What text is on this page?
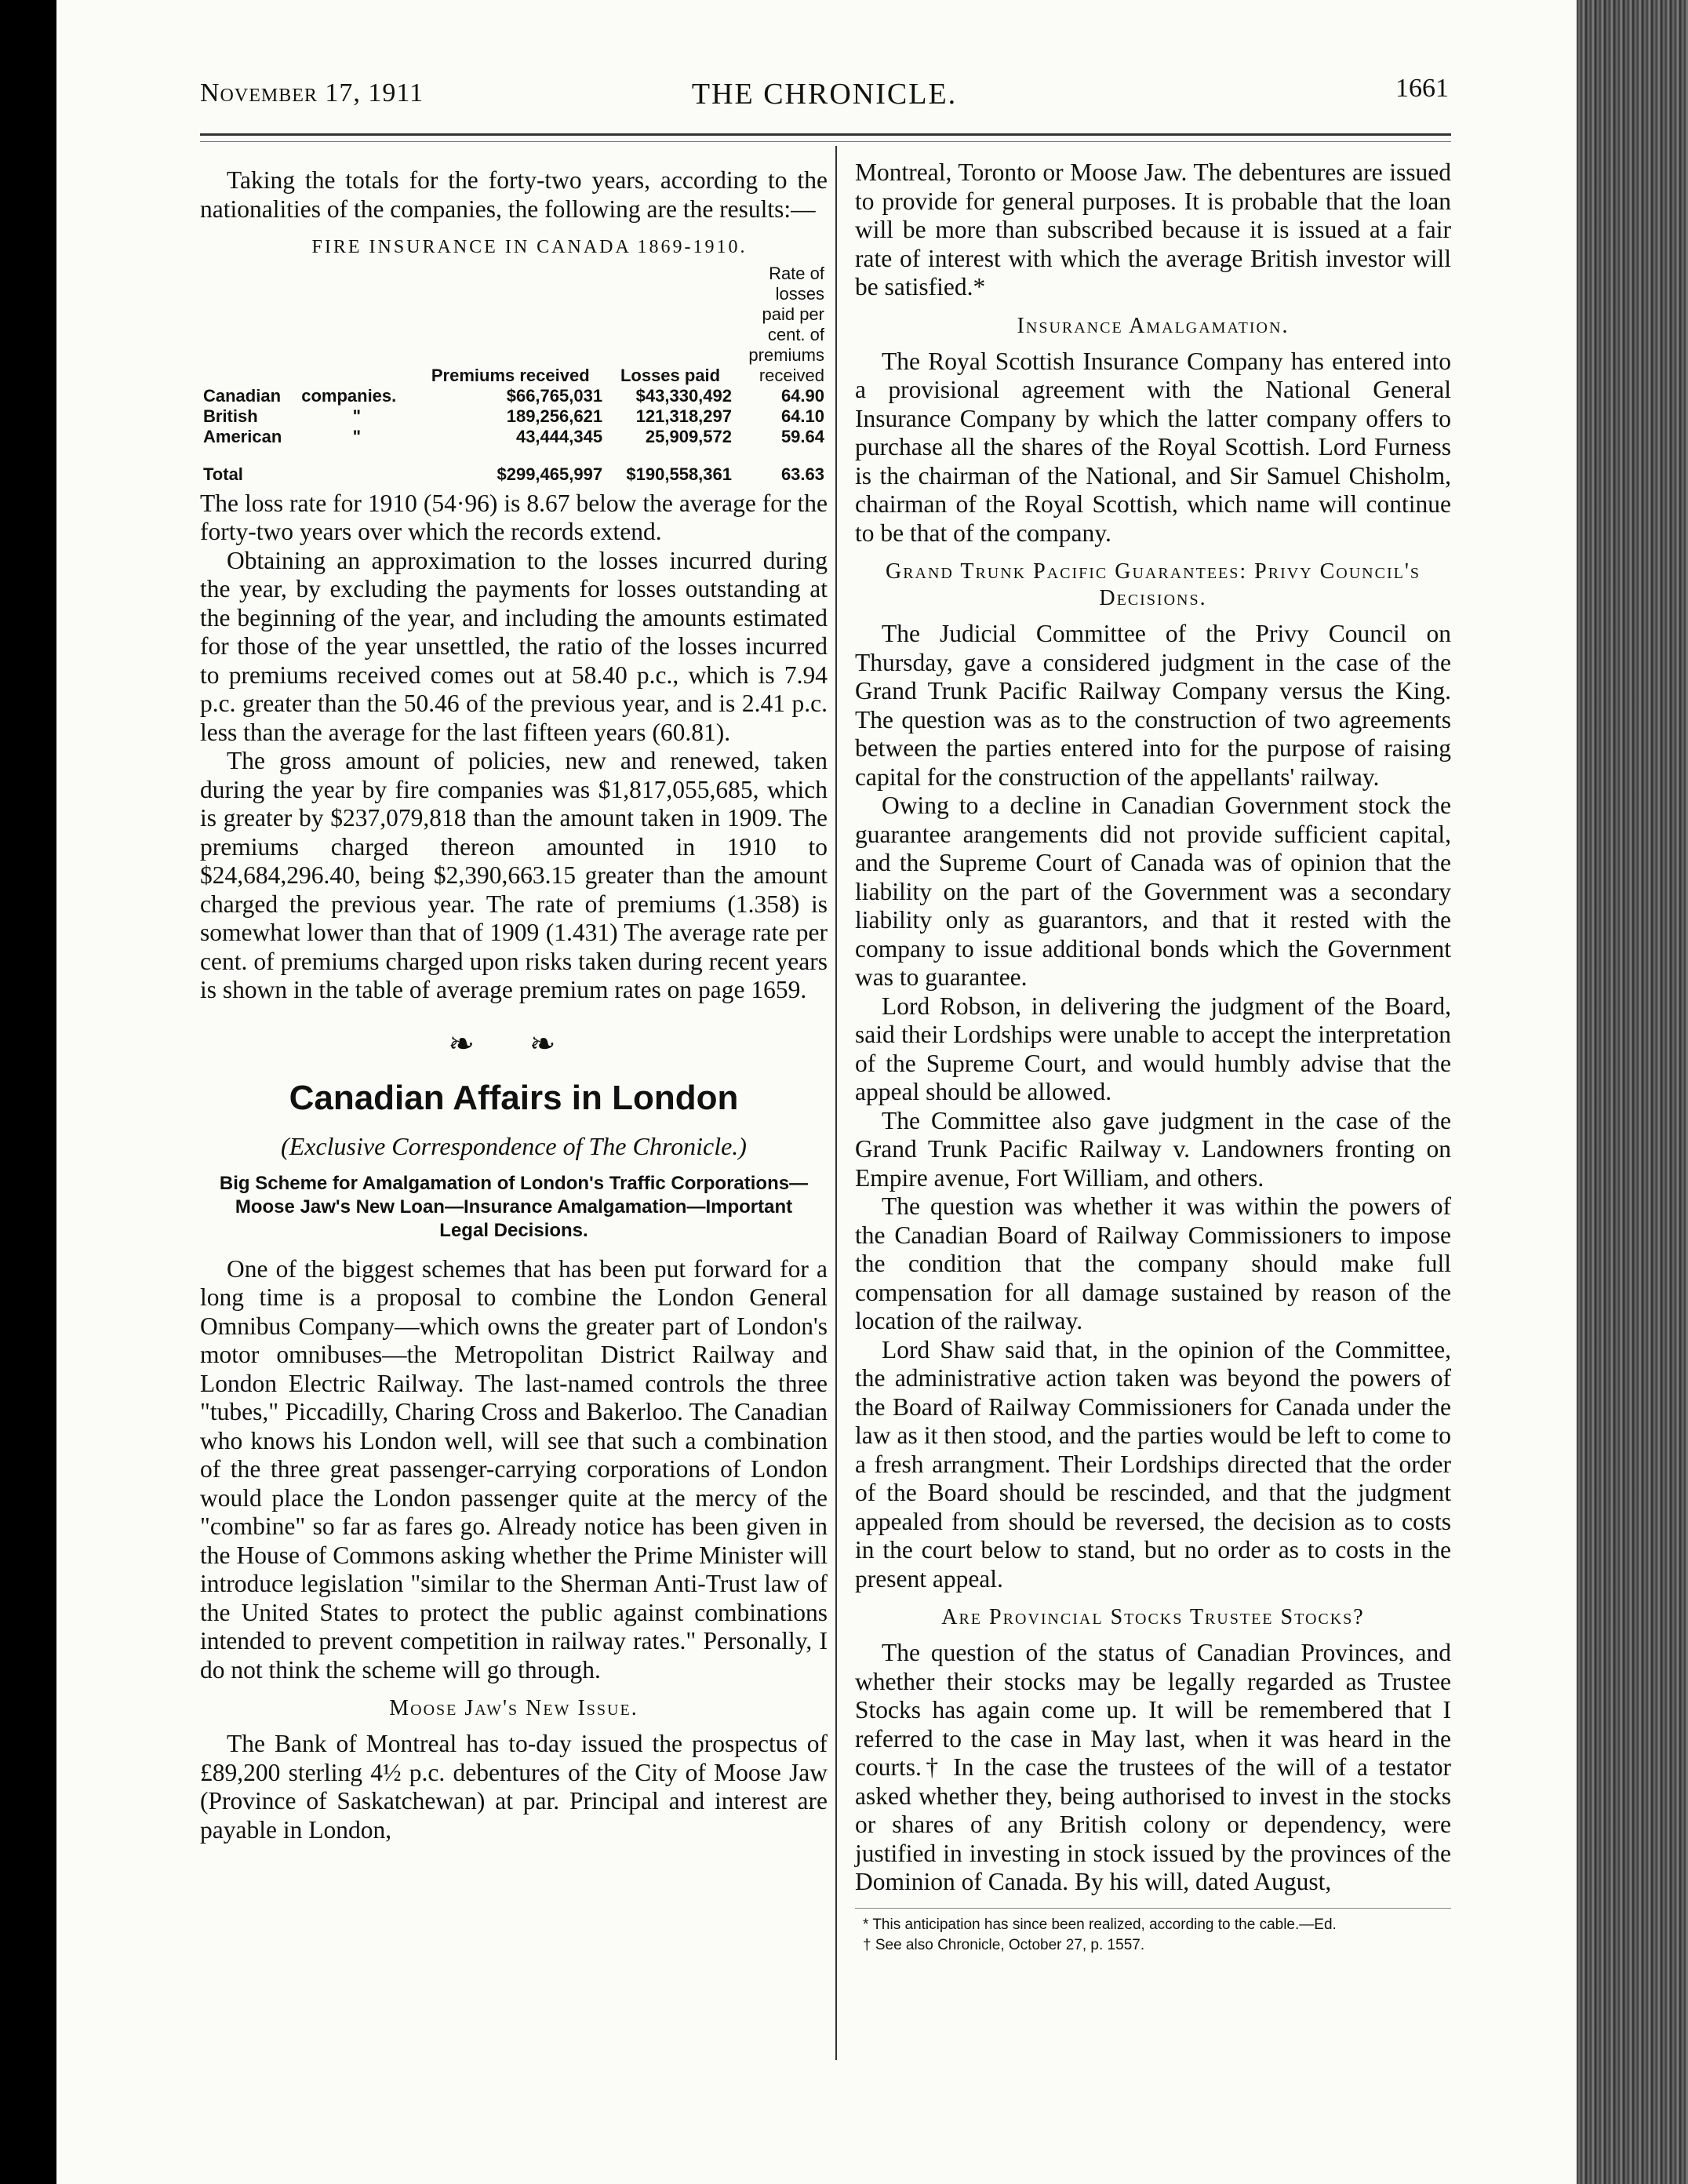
THE CHRONICLE.
November 17, 1911	1661

Taking the totals for the forty-two years, according to the nationalities of the companies, the following are the results:—

FIRE INSURANCE IN CANADA 1869-1910.
		Premiums received	Losses paid	Rate of losses paid per cent. of premiums received
Canadian	companies.	$66,765,031	$43,330,492	64.90
British	"	189,256,621	121,318,297	64.10
American	"	43,444,345	25,909,572	59.64
Total		$299,465,997	$190,558,361	63.63

The loss rate for 1910 (54·96) is 8.67 below the average for the forty-two years over which the records extend.

Obtaining an approximation to the losses incurred during the year, by excluding the payments for losses outstanding at the beginning of the year, and including the amounts estimated for those of the year unsettled, the ratio of the losses incurred to premiums received comes out at 58.40 p.c., which is 7.94 p.c. greater than the 50.46 of the previous year, and is 2.41 p.c. less than the average for the last fifteen years (60.81).

The gross amount of policies, new and renewed, taken during the year by fire companies was $1,817,055,685, which is greater by $237,079,818 than the amount taken in 1909. The premiums charged thereon amounted in 1910 to $24,684,296.40, being $2,390,663.15 greater than the amount charged the previous year. The rate of premiums (1.358) is somewhat lower than that of 1909 (1.431) The average rate per cent. of premiums charged upon risks taken during recent years is shown in the table of average premium rates on page 1659.

❧ ❧
Canadian Affairs in London
(Exclusive Correspondence of The Chronicle.)
Big Scheme for Amalgamation of London's Traffic Corporations—Moose Jaw's New Loan—Insurance Amalgamation—Important Legal Decisions.

One of the biggest schemes that has been put forward for a long time is a proposal to combine the London General Omnibus Company—which owns the greater part of London's motor omnibuses—the Metropolitan District Railway and London Electric Railway. The last-named controls the three "tubes," Piccadilly, Charing Cross and Bakerloo. The Canadian who knows his London well, will see that such a combination of the three great passenger-carrying corporations of London would place the London passenger quite at the mercy of the "combine" so far as fares go. Already notice has been given in the House of Commons asking whether the Prime Minister will introduce legislation "similar to the Sherman Anti-Trust law of the United States to protect the public against combinations intended to prevent competition in railway rates." Personally, I do not think the scheme will go through.

Moose Jaw's New Issue.

The Bank of Montreal has to-day issued the prospectus of £89,200 sterling 4½ p.c. debentures of the City of Moose Jaw (Province of Saskatchewan) at par. Principal and interest are payable in London,

Montreal, Toronto or Moose Jaw. The debentures are issued to provide for general purposes. It is probable that the loan will be more than subscribed because it is issued at a fair rate of interest with which the average British investor will be satisfied.*

Insurance Amalgamation.

The Royal Scottish Insurance Company has entered into a provisional agreement with the National General Insurance Company by which the latter company offers to purchase all the shares of the Royal Scottish. Lord Furness is the chairman of the National, and Sir Samuel Chisholm, chairman of the Royal Scottish, which name will continue to be that of the company.

Grand Trunk Pacific Guarantees: Privy Council's Decisions.

The Judicial Committee of the Privy Council on Thursday, gave a considered judgment in the case of the Grand Trunk Pacific Railway Company versus the King. The question was as to the construction of two agreements between the parties entered into for the purpose of raising capital for the construction of the appellants' railway.

Owing to a decline in Canadian Government stock the guarantee arangements did not provide sufficient capital, and the Supreme Court of Canada was of opinion that the liability on the part of the Government was a secondary liability only as guarantors, and that it rested with the company to issue additional bonds which the Government was to guarantee.

Lord Robson, in delivering the judgment of the Board, said their Lordships were unable to accept the interpretation of the Supreme Court, and would humbly advise that the appeal should be allowed.

The Committee also gave judgment in the case of the Grand Trunk Pacific Railway v. Landowners fronting on Empire avenue, Fort William, and others.

The question was whether it was within the powers of the Canadian Board of Railway Commissioners to impose the condition that the company should make full compensation for all damage sustained by reason of the location of the railway.

Lord Shaw said that, in the opinion of the Committee, the administrative action taken was beyond the powers of the Board of Railway Commissioners for Canada under the law as it then stood, and the parties would be left to come to a fresh arrangment. Their Lordships directed that the order of the Board should be rescinded, and that the judgment appealed from should be reversed, the decision as to costs in the court below to stand, but no order as to costs in the present appeal.

Are Provincial Stocks Trustee Stocks?

The question of the status of Canadian Provinces, and whether their stocks may be legally regarded as Trustee Stocks has again come up. It will be remembered that I referred to the case in May last, when it was heard in the courts.† In the case the trustees of the will of a testator asked whether they, being authorised to invest in the stocks or shares of any British colony or dependency, were justified in investing in stock issued by the provinces of the Dominion of Canada. By his will, dated August,

* This anticipation has since been realized, according to the cable.—Ed.
† See also Chronicle, October 27, p. 1557.
